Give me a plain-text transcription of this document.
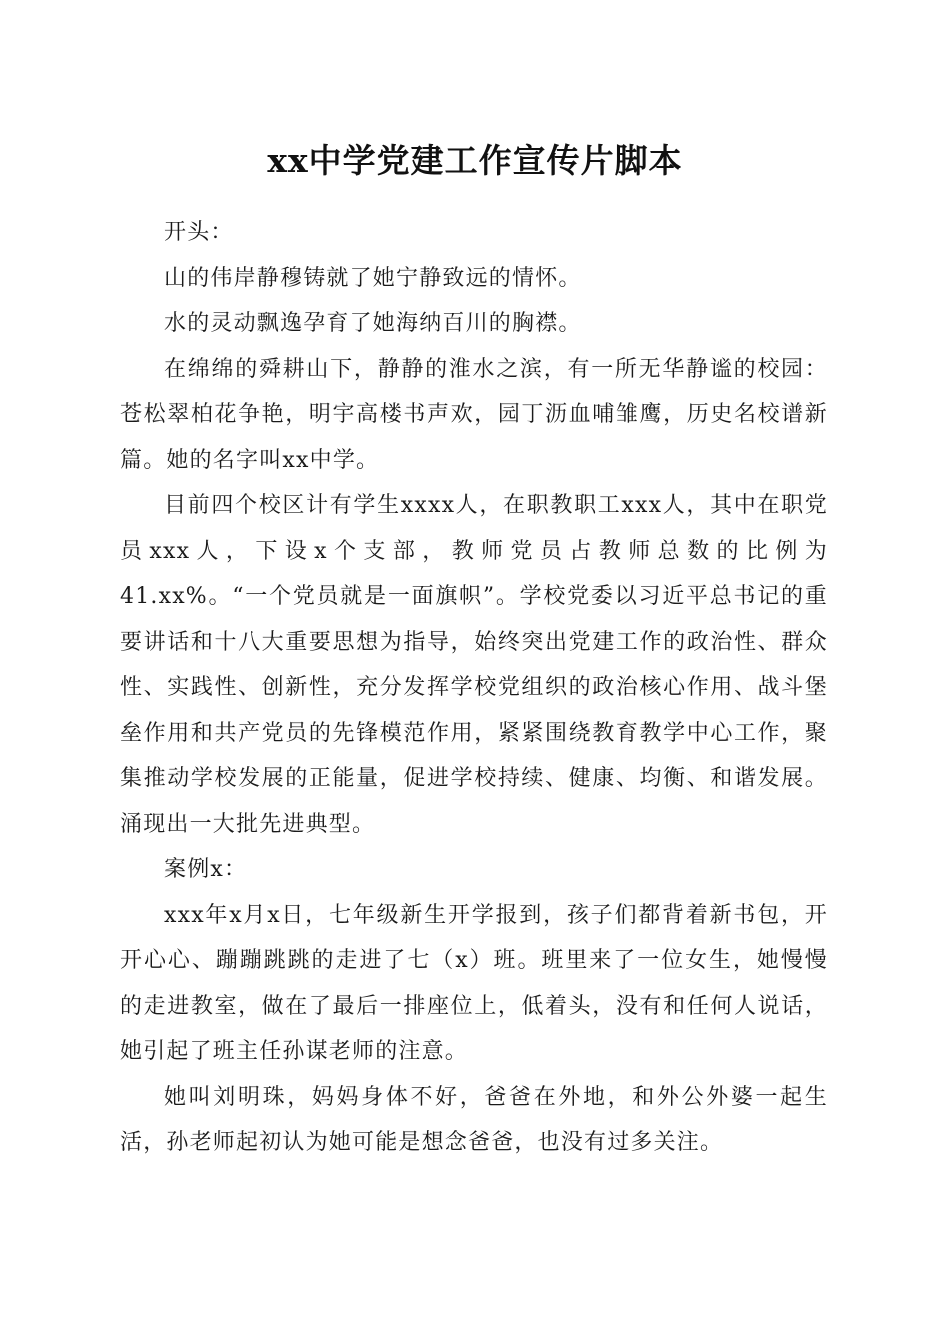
xx中学党建工作宣传片脚本

开头：

山的伟岸静穆铸就了她宁静致远的情怀。

水的灵动飘逸孕育了她海纳百川的胸襟。

在绵绵的舜耕山下，静静的淮水之滨，有一所无华静谧的校园：苍松翠柏花争艳，明宇高楼书声欢，园丁沥血哺雏鹰，历史名校谱新篇。她的名字叫xx中学。

目前四个校区计有学生xxxx人，在职教职工xxx人，其中在职党员xxx人，下设x个支部，教师党员占教师总数的比例为41.xx%。“一个党员就是一面旗帜”。学校党委以习近平总书记的重要讲话和十八大重要思想为指导，始终突出党建工作的政治性、群众性、实践性、创新性，充分发挥学校党组织的政治核心作用、战斗堡垒作用和共产党员的先锋模范作用，紧紧围绕教育教学中心工作，聚集推动学校发展的正能量，促进学校持续、健康、均衡、和谐发展。涌现出一大批先进典型。

案例x：

xxx年x月x日，七年级新生开学报到，孩子们都背着新书包，开开心心、蹦蹦跳跳的走进了七（x）班。班里来了一位女生，她慢慢的走进教室，做在了最后一排座位上，低着头，没有和任何人说话，她引起了班主任孙谋老师的注意。

她叫刘明珠，妈妈身体不好，爸爸在外地，和外公外婆一起生活，孙老师起初认为她可能是想念爸爸，也没有过多关注。
